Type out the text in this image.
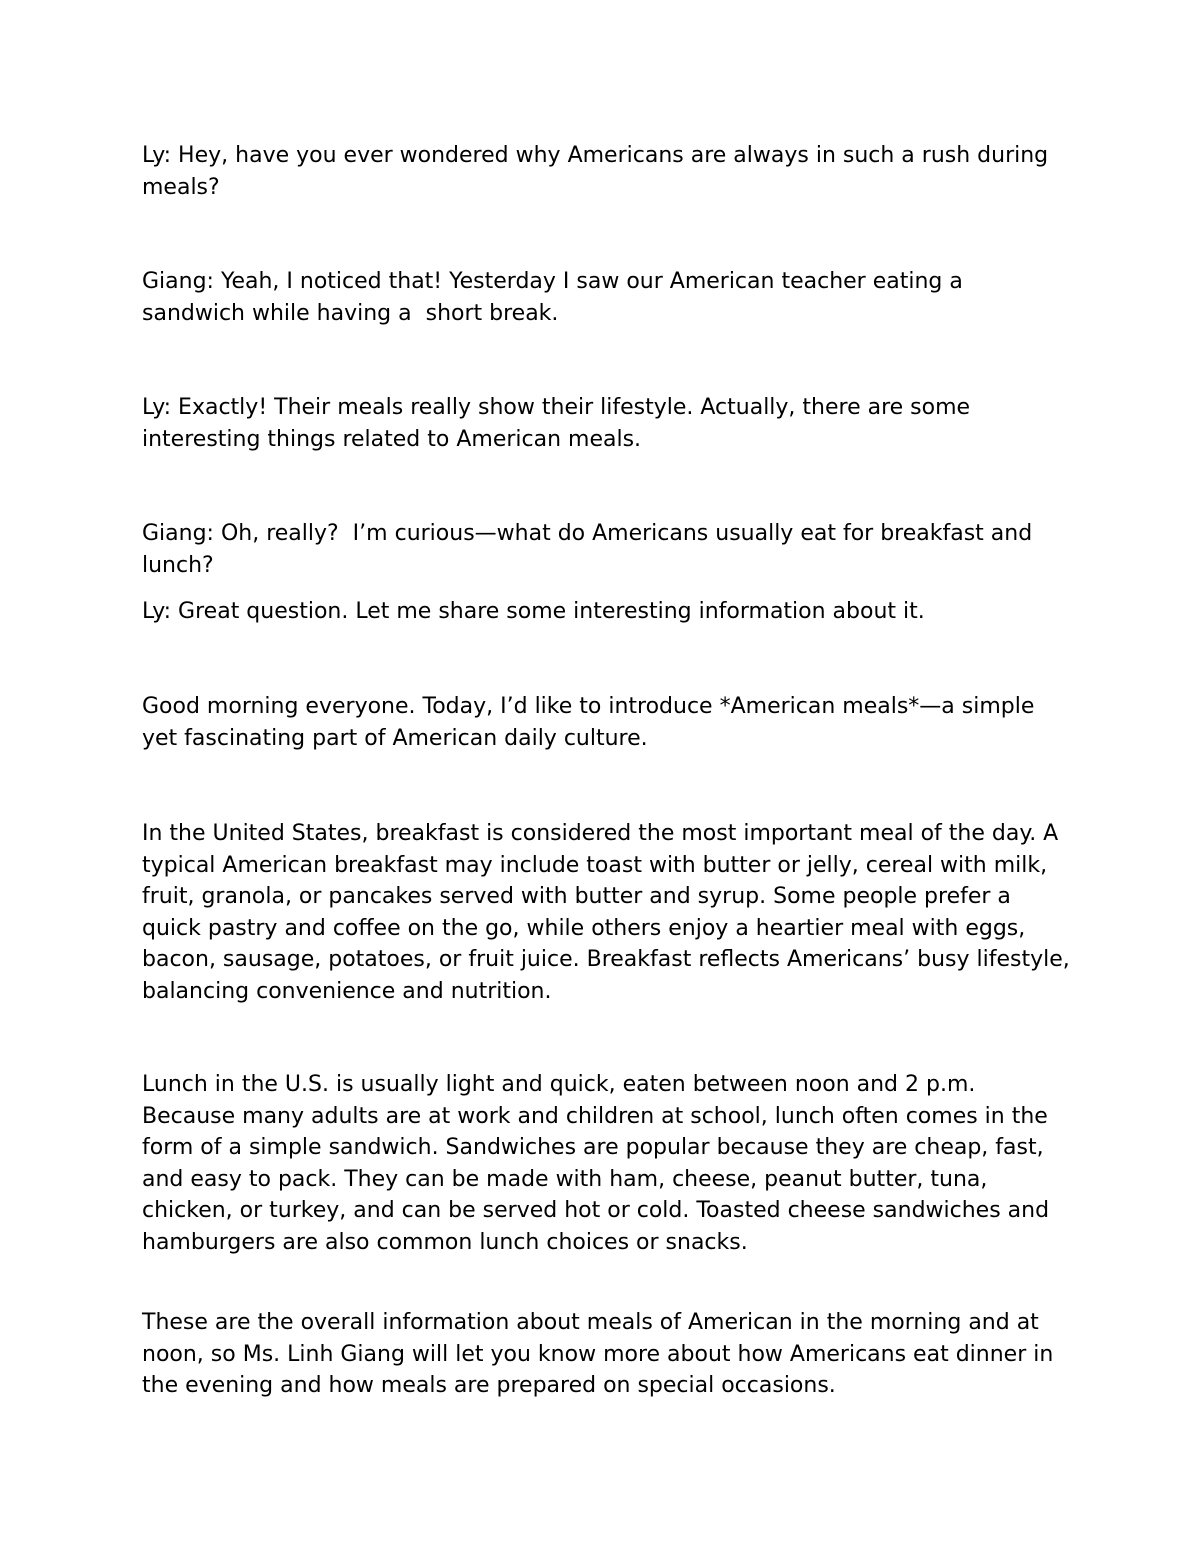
Ly: Hey, have you ever wondered why Americans are always in such a rush during meals?

Giang: Yeah, I noticed that! Yesterday I saw our American teacher eating a sandwich while having a  short break.

Ly: Exactly! Their meals really show their lifestyle. Actually, there are some interesting things related to American meals.

Giang: Oh, really?  I’m curious—what do Americans usually eat for breakfast and lunch?

Ly: Great question. Let me share some interesting information about it.

Good morning everyone. Today, I’d like to introduce *American meals*—a simple yet fascinating part of American daily culture.

In the United States, breakfast is considered the most important meal of the day. A typical American breakfast may include toast with butter or jelly, cereal with milk, fruit, granola, or pancakes served with butter and syrup. Some people prefer a quick pastry and coffee on the go, while others enjoy a heartier meal with eggs, bacon, sausage, potatoes, or fruit juice. Breakfast reflects Americans’ busy lifestyle, balancing convenience and nutrition.

Lunch in the U.S. is usually light and quick, eaten between noon and 2 p.m. Because many adults are at work and children at school, lunch often comes in the form of a simple sandwich. Sandwiches are popular because they are cheap, fast, and easy to pack. They can be made with ham, cheese, peanut butter, tuna, chicken, or turkey, and can be served hot or cold. Toasted cheese sandwiches and hamburgers are also common lunch choices or snacks.

These are the overall information about meals of American in the morning and at noon, so Ms. Linh Giang will let you know more about how Americans eat dinner in the evening and how meals are prepared on special occasions.
